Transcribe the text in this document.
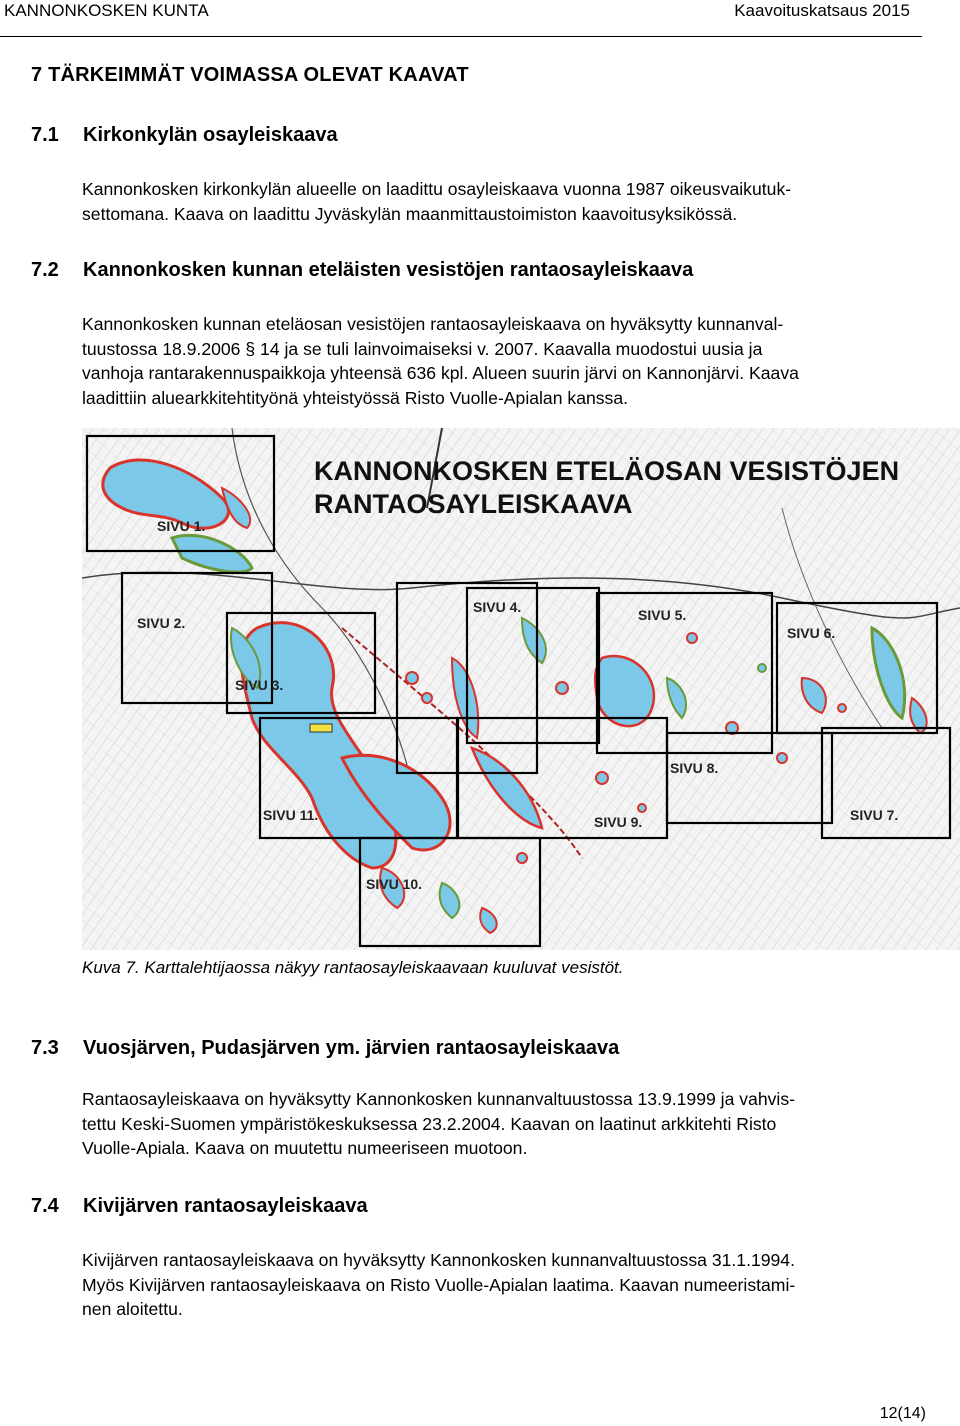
KANNONKOSKEN KUNTA	Kaavoituskatsaus 2015
7 TÄRKEIMMÄT VOIMASSA OLEVAT KAAVAT
7.1 Kirkonkylän osayleiskaava
Kannonkosken kirkonkylän alueelle on laadittu osayleiskaava vuonna 1987 oikeusvaikutuk-
settomana. Kaava on laadittu Jyväskylän maanmittaustoimiston kaavoitusyksikössä.
7.2 Kannonkosken kunnan eteläisten vesistöjen rantaosayleiskaava
Kannonkosken kunnan eteläosan vesistöjen rantaosayleiskaava on hyväksytty kunnanval-
tuustossa 18.9.2006 § 14 ja se tuli lainvoimaiseksi v. 2007. Kaavalla muodostui uusia ja
vanhoja rantarakennuspaikkoja yhteensä 636 kpl. Alueen suurin järvi on Kannonjärvi. Kaava
laadittiin aluearkkitehtityönä yhteistyössä Risto Vuolle-Apialan kanssa.
KANNONKOSKEN ETELÄOSAN VESISTÖJEN
RANTAOSAYLEISKAAVA
SIVU 1.
SIVU 2.
SIVU 3.
SIVU 4.	SIVU 5.
SIVU 6.
SIVU 7.
SIVU 8.
SIVU 9.
SIVU 10.
SIVU 11.
Kuva 7. Karttalehtijaossa näkyy rantaosayleiskaavaan kuuluvat vesistöt.
7.3 Vuosjärven, Pudasjärven ym. järvien rantaosayleiskaava
Rantaosayleiskaava on hyväksytty Kannonkosken kunnanvaltuustossa 13.9.1999 ja vahvis-
tettu Keski-Suomen ympäristökeskuksessa 23.2.2004. Kaavan on laatinut arkkitehti Risto
Vuolle-Apiala. Kaava on muutettu numeeriseen muotoon.
7.4 Kivijärven rantaosayleiskaava
Kivijärven rantaosayleiskaava on hyväksytty Kannonkosken kunnanvaltuustossa 31.1.1994.
Myös Kivijärven rantaosayleiskaava on Risto Vuolle-Apialan laatima. Kaavan numeeristami-
nen aloitettu.
12(14)
